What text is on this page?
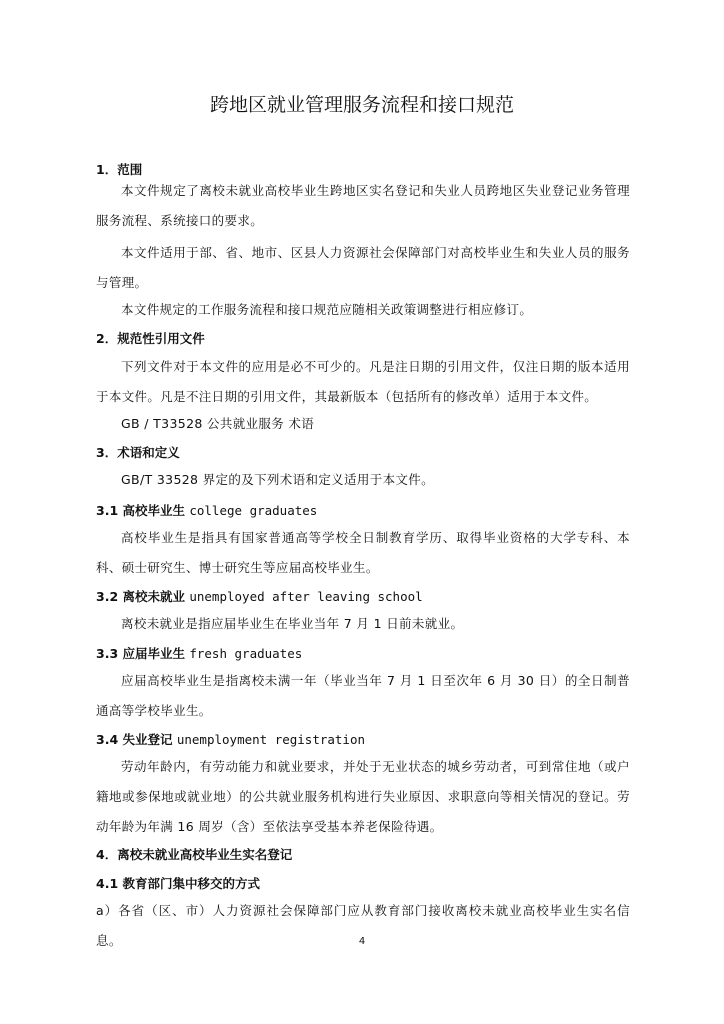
跨地区就业管理服务流程和接口规范
1．范围
本文件规定了离校未就业高校毕业生跨地区实名登记和失业人员跨地区失业登记业务管理服务流程、系统接口的要求。
本文件适用于部、省、地市、区县人力资源社会保障部门对高校毕业生和失业人员的服务与管理。
本文件规定的工作服务流程和接口规范应随相关政策调整进行相应修订。
2．规范性引用文件
下列文件对于本文件的应用是必不可少的。凡是注日期的引用文件，仅注日期的版本适用于本文件。凡是不注日期的引用文件，其最新版本（包括所有的修改单）适用于本文件。
GB / T33528 公共就业服务 术语
3．术语和定义
GB/T 33528 界定的及下列术语和定义适用于本文件。
3.1 高校毕业生 college graduates
高校毕业生是指具有国家普通高等学校全日制教育学历、取得毕业资格的大学专科、本科、硕士研究生、博士研究生等应届高校毕业生。
3.2 离校未就业 unemployed after leaving school
离校未就业是指应届毕业生在毕业当年 7 月 1 日前未就业。
3.3 应届毕业生 fresh graduates
应届高校毕业生是指离校未满一年（毕业当年 7 月 1 日至次年 6 月 30 日）的全日制普通高等学校毕业生。
3.4 失业登记 unemployment registration
劳动年龄内，有劳动能力和就业要求，并处于无业状态的城乡劳动者，可到常住地（或户籍地或参保地或就业地）的公共就业服务机构进行失业原因、求职意向等相关情况的登记。劳动年龄为年满 16 周岁（含）至依法享受基本养老保险待遇。
4．离校未就业高校毕业生实名登记
4.1 教育部门集中移交的方式
a）各省（区、市）人力资源社会保障部门应从教育部门接收离校未就业高校毕业生实名信息。	4
